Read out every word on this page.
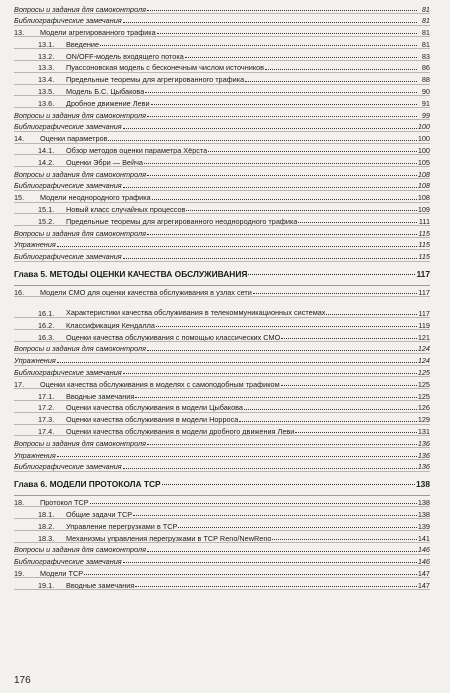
Вопросы и задания для самоконтроля	81
Библиографические замечания	81
13.	Модели агрегированного трафика	81
13.1.	Введение	81
13.2.	ON/OFF-модель входящего потока	83
13.3.	Пуассоновская модель с бесконечным числом источников	86
13.4.	Предельные теоремы для агрегированного трафика	88
13.5.	Модель Б.С. Цыбакова	90
13.6.	Дробное движение Леви	91
Вопросы и задания для самоконтроля	99
Библиографические замечания	100
14.	Оценки параметров	100
14.1.	Обзор методов оценки параметра Хёрста	100
14.2.	Оценки Эбри — Вейча	105
Вопросы и задания для самоконтроля	108
Библиографические замечания	108
15.	Модели неоднородного трафика	108
15.1.	Новый класс случайных процессов	109
15.2.	Предельные теоремы для агрегированного неоднородного трафика	111
Вопросы и задания для самоконтроля	115
Упражнения	115
Библиографические замечания	115
Глава 5. МЕТОДЫ ОЦЕНКИ КАЧЕСТВА ОБСЛУЖИВАНИЯ	117
16.	Модели СМО для оценки качества обслуживания в узлах сети	117
16.1.	Характеристики качества обслуживания в телекоммуникационных системах	117
16.2.	Классификация Кендалла	119
16.3.	Оценки качества обслуживания с помощью классических СМО	121
Вопросы и задания для самоконтроля	124
Упражнения	124
Библиографические замечания	125
17.	Оценки качества обслуживания в моделях с самоподобным трафиком	125
17.1.	Вводные замечания	125
17.2.	Оценки качества обслуживания в модели Цыбакова	126
17.3.	Оценки качества обслуживания в модели Норроса	129
17.4.	Оценки качества обслуживания в модели дробного движения Леви	131
Вопросы и задания для самоконтроля	136
Упражнения	136
Библиографические замечания	136
Глава 6. МОДЕЛИ ПРОТОКОЛА TCP	138
18.	Протокол TCP	138
18.1.	Общие задачи TCP	138
18.2.	Управление перегрузками в TCP	139
18.3.	Механизмы управления перегрузками в TCP Reno/NewReno	141
Вопросы и задания для самоконтроля	146
Библиографические замечания	146
19.	Модели TCP	147
19.1.	Вводные замечания	147
176
